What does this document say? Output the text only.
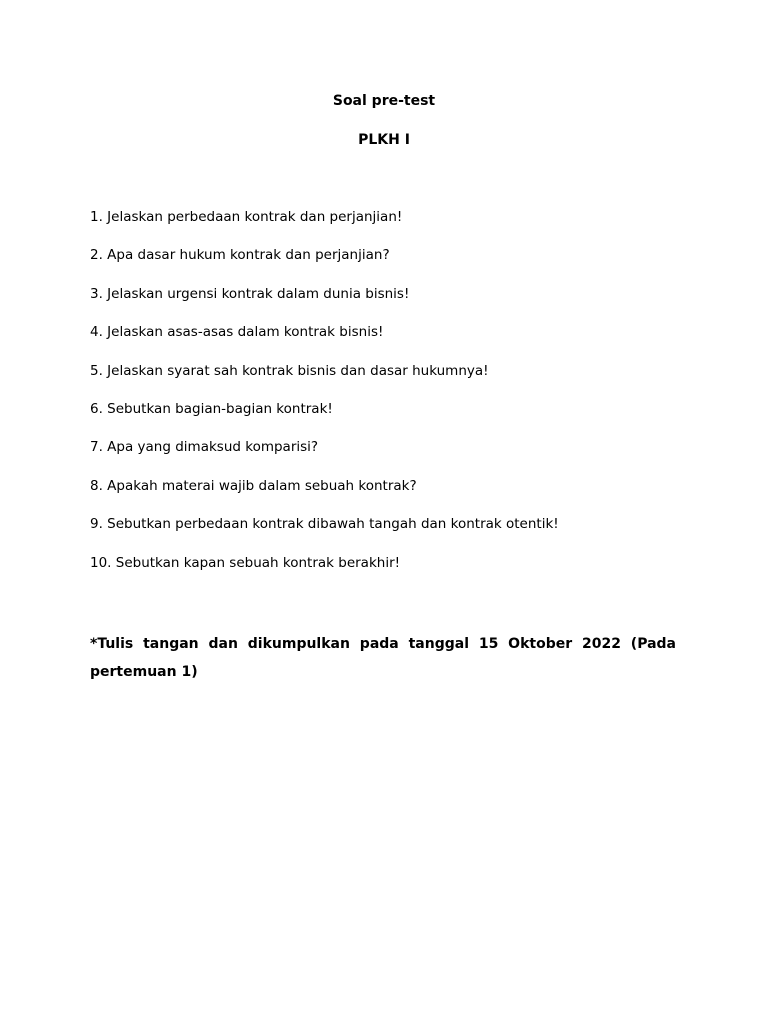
Soal pre-test
PLKH I
1. Jelaskan perbedaan kontrak dan perjanjian!
2. Apa dasar hukum kontrak dan perjanjian?
3. Jelaskan urgensi kontrak dalam dunia bisnis!
4. Jelaskan asas-asas dalam kontrak bisnis!
5. Jelaskan syarat sah kontrak bisnis dan dasar hukumnya!
6. Sebutkan bagian-bagian kontrak!
7. Apa yang dimaksud komparisi?
8. Apakah materai wajib dalam sebuah kontrak?
9. Sebutkan perbedaan kontrak dibawah tangah dan kontrak otentik!
10. Sebutkan kapan sebuah kontrak berakhir!
*Tulis tangan dan dikumpulkan pada tanggal 15 Oktober 2022 (Pada pertemuan 1)
